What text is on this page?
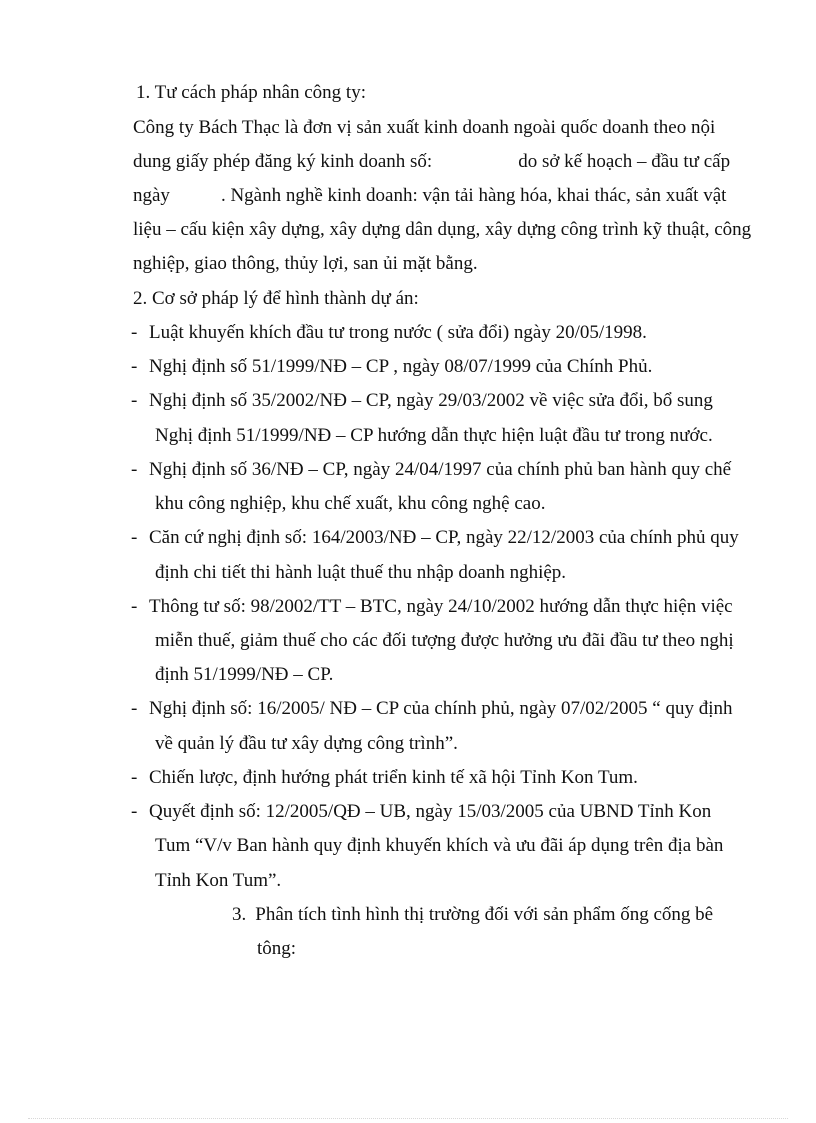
1. Tư cách pháp nhân công ty:
Công ty Bách Thạc là đơn vị sản xuất kinh doanh ngoài quốc doanh theo nội
dung giấy phép đăng ký kinh doanh số:	do sở kế hoạch – đầu tư cấp
ngày	. Ngành nghề kinh doanh: vận tải hàng hóa, khai thác, sản xuất vật
liệu – cấu kiện xây dựng, xây dựng dân dụng, xây dựng công trình kỹ thuật, công
nghiệp, giao thông, thủy lợi, san ủi mặt bằng.
2. Cơ sở pháp lý để hình thành dự án:
- Luật khuyến khích đầu tư trong nước ( sửa đổi) ngày 20/05/1998.
- Nghị định số 51/1999/NĐ – CP , ngày 08/07/1999 của Chính Phủ.
- Nghị định số 35/2002/NĐ – CP, ngày 29/03/2002 về việc sửa đổi, bổ sung
Nghị định 51/1999/NĐ – CP hướng dẫn thực hiện luật đầu tư trong nước.
- Nghị định số 36/NĐ – CP, ngày 24/04/1997 của chính phủ ban hành quy chế
khu công nghiệp, khu chế xuất, khu công nghệ cao.
- Căn cứ nghị định số: 164/2003/NĐ – CP, ngày 22/12/2003 của chính phủ quy
định chi tiết thi hành luật thuế thu nhập doanh nghiệp.
- Thông tư số: 98/2002/TT – BTC, ngày 24/10/2002 hướng dẫn thực hiện việc
miễn thuế, giảm thuế cho các đối tượng được hưởng ưu đãi đầu tư theo nghị
định 51/1999/NĐ – CP.
- Nghị định số: 16/2005/ NĐ – CP của chính phủ, ngày 07/02/2005 “ quy định
về quản lý đầu tư xây dựng công trình”.
- Chiến lược, định hướng phát triển kinh tế xã hội Tỉnh Kon Tum.
- Quyết định số: 12/2005/QĐ – UB, ngày 15/03/2005 của UBND Tỉnh Kon
Tum “V/v Ban hành quy định khuyến khích và ưu đãi áp dụng trên địa bàn
Tỉnh Kon Tum”.
3. Phân tích tình hình thị trường đối với sản phẩm ống cống bê
tông:
